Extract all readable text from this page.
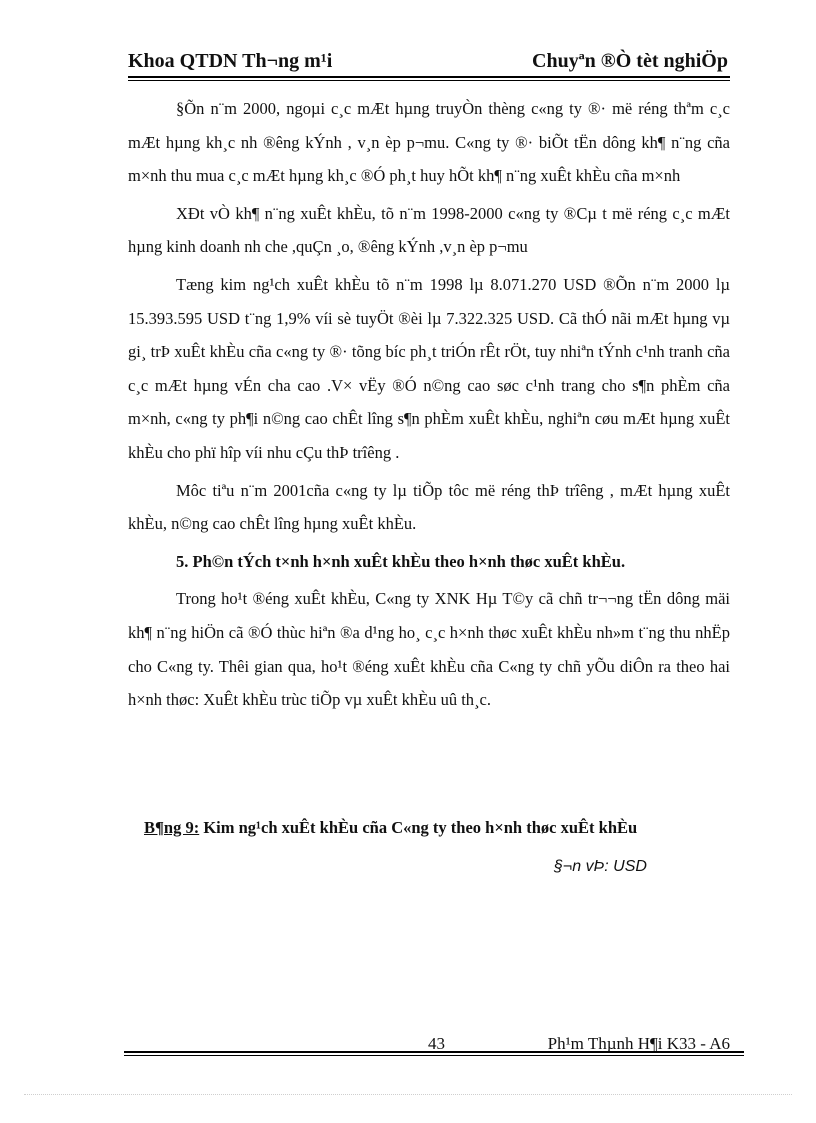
Khoa QTDN Th¬ng m¹i	Chuyªn ®Ò tèt nghiÖp

§Õn n¨m 2000, ngoµi c¸c mÆt hµng truyÒn thèng c«ng ty ®· më réng thªm c¸c mÆt hµng kh¸c nh ®êng kÝnh , v¸n èp p¬mu. C«ng ty ®· biÕt tËn dông kh¶ n¨ng cña m×nh thu mua c¸c mÆt hµng kh¸c ®Ó ph¸t huy hÕt kh¶ n¨ng xuÊt khÈu cña m×nh

XÐt vÒ kh¶ n¨ng xuÊt khÈu, tõ n¨m 1998-2000 c«ng ty ®Cµ t më réng c¸c mÆt hµng kinh doanh nh che ,quÇn ¸o, ®êng kÝnh ,v¸n èp p¬mu

Tæng kim ng¹ch xuÊt khÈu tõ n¨m 1998 lµ 8.071.270 USD ®Õn n¨m 2000 lµ 15.393.595 USD t¨ng 1,9% víi sè tuyÖt ®èi lµ 7.322.325 USD. Cã thÓ nãi mÆt hµng vµ gi¸ trÞ xuÊt khÈu cña c«ng ty ®· tõng bíc ph¸t triÓn rÊt rÖt, tuy nhiªn tÝnh c¹nh tranh cña c¸c mÆt hµng vÉn cha cao .V× vËy ®Ó n©ng cao søc c¹nh trang cho s¶n phÈm cña m×nh, c«ng ty ph¶i n©ng cao chÊt lîng s¶n phÈm xuÊt khÈu, nghiªn cøu mÆt hµng xuÊt khÈu cho phï hîp víi nhu cÇu thÞ trîêng .

Môc tiªu n¨m 2001cña c«ng ty lµ tiÕp tôc më réng thÞ trîêng , mÆt hµng xuÊt khÈu, n©ng cao chÊt lîng hµng xuÊt khÈu.

5. Ph©n tÝch t×nh h×nh xuÊt khÈu theo h×nh thøc xuÊt khÈu.

Trong ho¹t ®éng xuÊt khÈu, C«ng ty XNK Hµ T©y cã chñ tr¬¬ng tËn dông mäi kh¶ n¨ng hiÖn cã ®Ó thùc hiªn ®a d¹ng ho¸ c¸c h×nh thøc xuÊt khÈu nh»m t¨ng thu nhËp cho C«ng ty. Thêi gian qua, ho¹t ®éng xuÊt khÈu cña C«ng ty chñ yÕu diÔn ra theo hai h×nh thøc: XuÊt khÈu trùc tiÕp vµ xuÊt khÈu uû th¸c.

B¶ng 9: Kim ng¹ch xuÊt khÈu cña C«ng ty theo h×nh thøc xuÊt khÈu
§¬n vÞ: USD
43	Ph¹m Thµnh H¶i K33 - A6
